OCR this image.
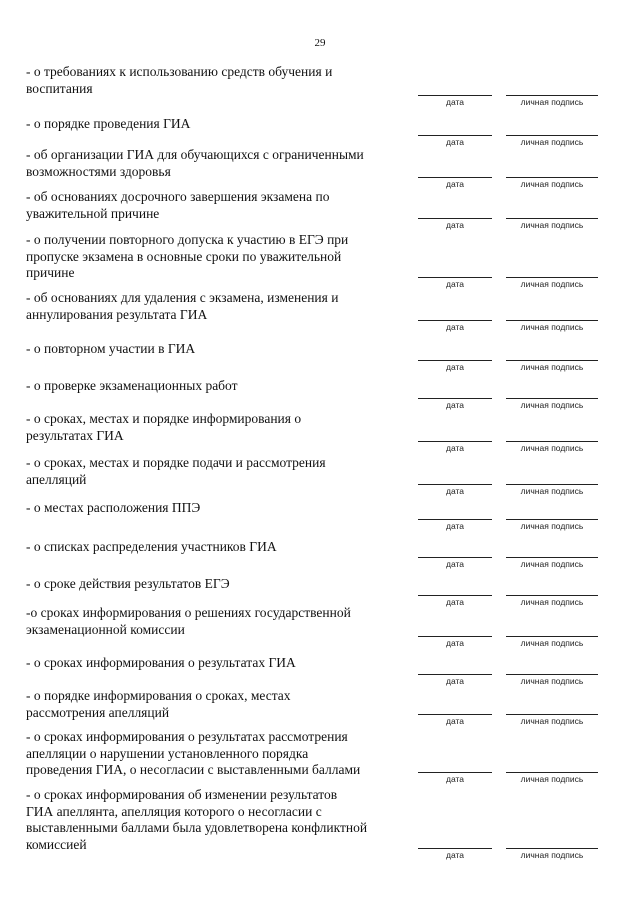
29
- о требованиях к использованию средств обучения и
воспитания
дата	личная подпись
- о порядке проведения ГИА
дата	личная подпись
- об организации ГИА для обучающихся с ограниченными
возможностями здоровья
дата	личная подпись
- об основаниях досрочного завершения экзамена по
уважительной причине
дата	личная подпись
- о получении повторного допуска к участию в ЕГЭ при
пропуске экзамена в основные сроки по уважительной
причине
дата	личная подпись
- об основаниях для удаления с экзамена, изменения и
аннулирования результата ГИА
дата	личная подпись
- о повторном участии в ГИА
дата	личная подпись
- о проверке экзаменационных работ
дата	личная подпись
- о сроках, местах и порядке информирования о
результатах ГИА
дата	личная подпись
- о сроках, местах и порядке подачи и рассмотрения
апелляций
дата	личная подпись
- о местах расположения ППЭ
дата	личная подпись
- о списках распределения участников ГИА
дата	личная подпись
- о сроке действия результатов ЕГЭ
дата	личная подпись
-о сроках информирования о решениях государственной
экзаменационной комиссии
дата	личная подпись
- о сроках информирования о результатах ГИА
дата	личная подпись
- о порядке информирования о сроках, местах
рассмотрения апелляций
дата	личная подпись
- о сроках информирования о результатах рассмотрения
апелляции о нарушении установленного порядка
проведения ГИА, о несогласии с выставленными баллами
дата	личная подпись
- о сроках информирования об изменении результатов
ГИА апеллянта, апелляция которого о несогласии с
выставленными баллами была удовлетворена конфликтной
комиссией
дата	личная подпись
